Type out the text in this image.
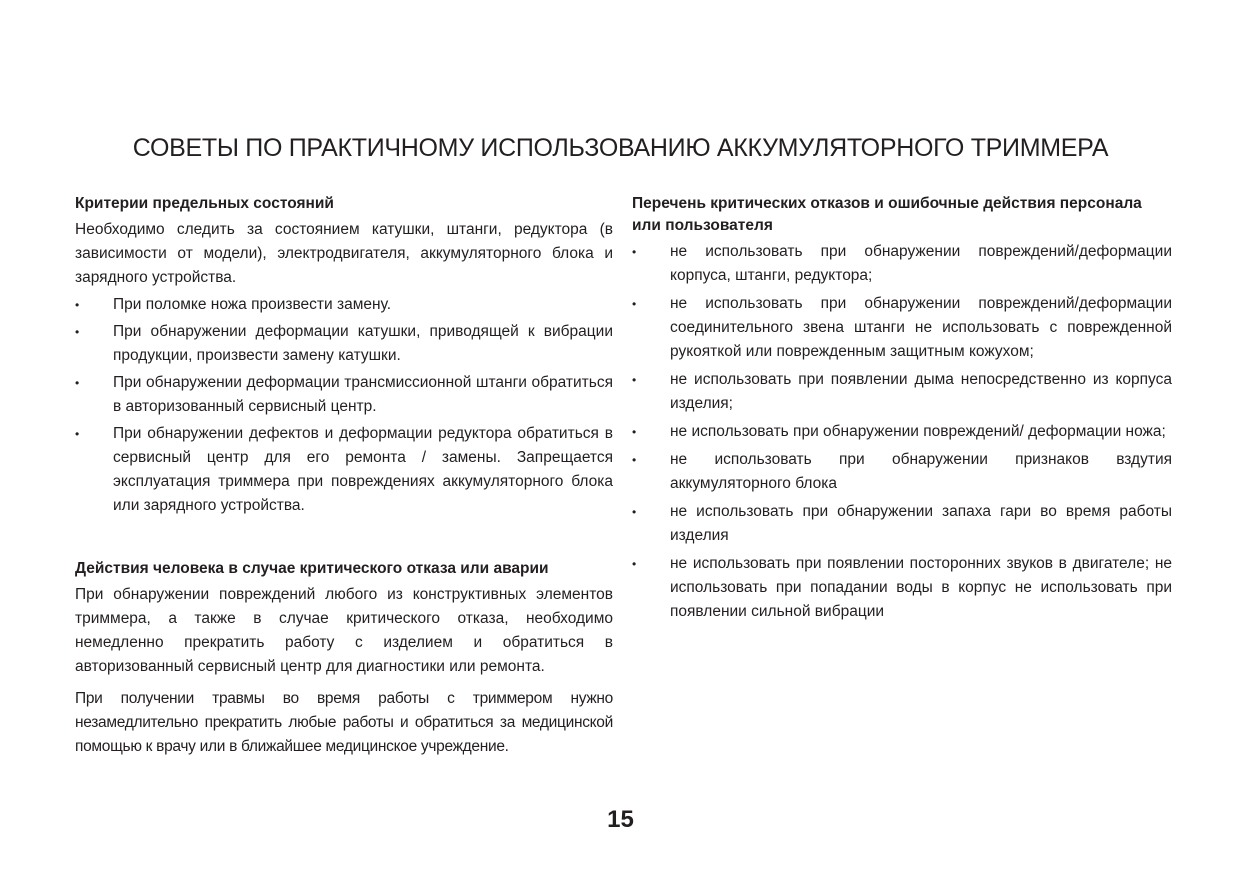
СОВЕТЫ ПО ПРАКТИЧНОМУ ИСПОЛЬЗОВАНИЮ АККУМУЛЯТОРНОГО ТРИММЕРА
Критерии предельных состояний

Необходимо следить за состоянием катушки, штанги, редуктора (в зависимости от модели), электродвигателя, аккумуляторного блока и зарядного устройства.

• При поломке ножа произвести замену.
• При обнаружении деформации катушки, приводящей к вибрации продукции, произвести замену катушки.
• При обнаружении деформации трансмиссионной штанги обратиться в авторизованный сервисный центр.
• При обнаружении дефектов и деформации редуктора обратиться в сервисный центр для его ремонта / замены. Запрещается эксплуатация триммера при повреждениях аккумуляторного блока или зарядного устройства.
Действия человека в случае критического отказа или аварии

При обнаружении повреждений любого из конструктивных элементов триммера, а также в случае критического отказа, необходимо немедленно прекратить работу с изделием и обратиться в авторизованный сервисный центр для диагностики или ремонта.

При получении травмы во время работы с триммером нужно незамедлительно прекратить любые работы и обратиться за медицинской помощью к врачу или в ближайшее медицинское учреждение.

Перечень критических отказов и ошибочные действия персонала или пользователя
• не использовать при обнаружении повреждений/деформации корпуса, штанги, редуктора;
• не использовать при обнаружении повреждений/деформации соединительного звена штанги не использовать с поврежденной рукояткой или поврежденным защитным кожухом;
• не использовать при появлении дыма непосредственно из корпуса изделия;
• не использовать при обнаружении повреждений/ деформации ножа;
• не использовать при обнаружении признаков вздутия аккумуляторного блока
• не использовать при обнаружении запаха гари во время работы изделия
• не использовать при появлении посторонних звуков в двигателе; не использовать при попадании воды в корпус не использовать при появлении сильной вибрации
15
